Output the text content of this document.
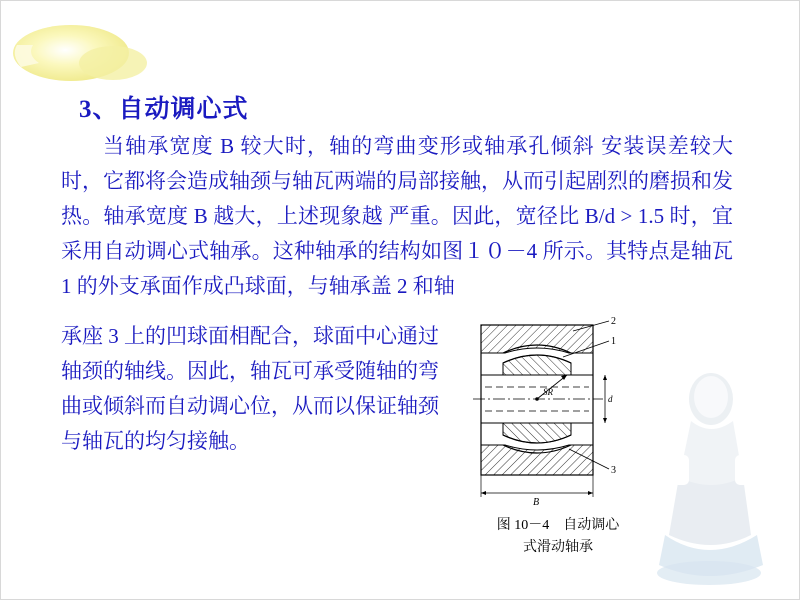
3、自动调心式

当轴承宽度 B 较大时，轴的弯曲变形或轴承孔倾斜 安装误差较大时，它都将会造成轴颈与轴瓦两端的局部接触，从而引起剧烈的磨损和发热。轴承宽度 B 越大，上述现象越 严重。因此，宽径比 B/d > 1.5 时，宜采用自动调心式轴承。这种轴承的结构如图１０－4 所示。其特点是轴瓦 1 的外支承面作成凸球面，与轴承盖 2 和轴

承座 3 上的凹球面相配合，球面中心通过轴颈的轴线。因此，轴瓦可承受随轴的弯曲或倾斜而自动调心位，从而以保证轴颈与轴瓦的均匀接触。

SR
d
B
2
1
3
图 10－4　自动调心
式滑动轴承
